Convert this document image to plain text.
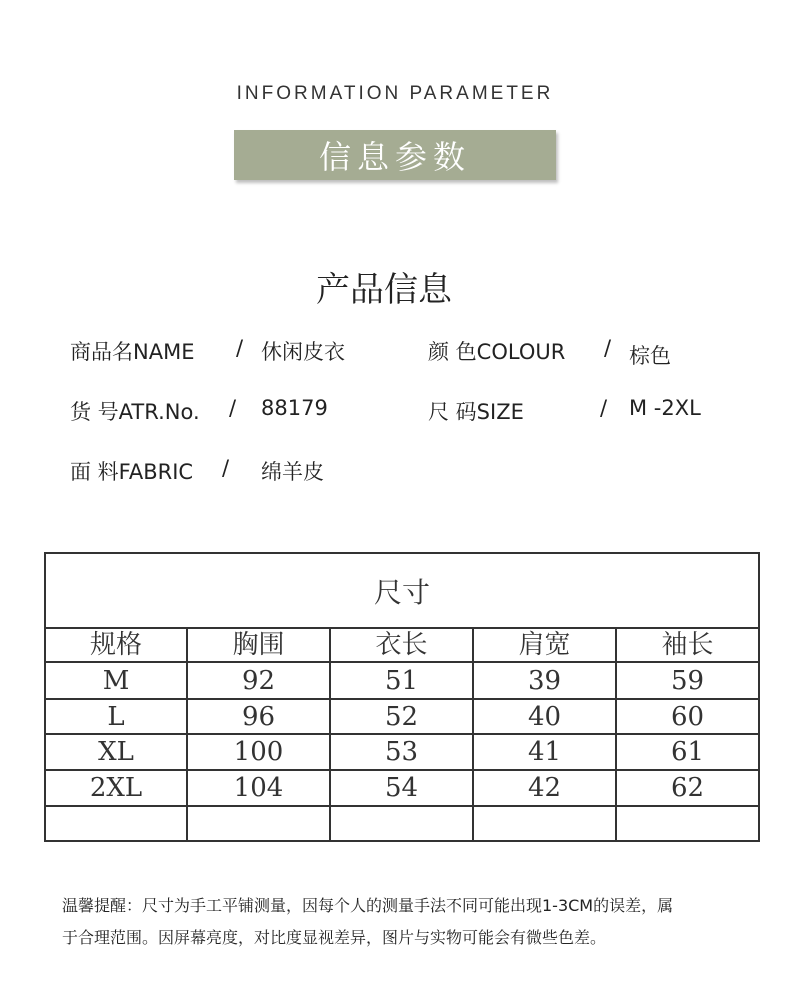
INFORMATION PARAMETER
信息参数
产品信息
商品名NAME / 休闲皮衣	颜 色COLOUR / 棕色
货 号ATR.No. / 88179	尺 码SIZE	/ M -2XL
面 料FABRIC / 绵羊皮
尺寸
规格	胸围	衣长	肩宽	袖长
M	92	51	39	59
L	96	52	40	60
XL	100	53	41	61
2XL	104	54	42	62
温馨提醒：尺寸为手工平铺测量，因每个人的测量手法不同可能出现1-3CM的误差，属
于合理范围。因屏幕亮度，对比度显视差异，图片与实物可能会有微些色差。
